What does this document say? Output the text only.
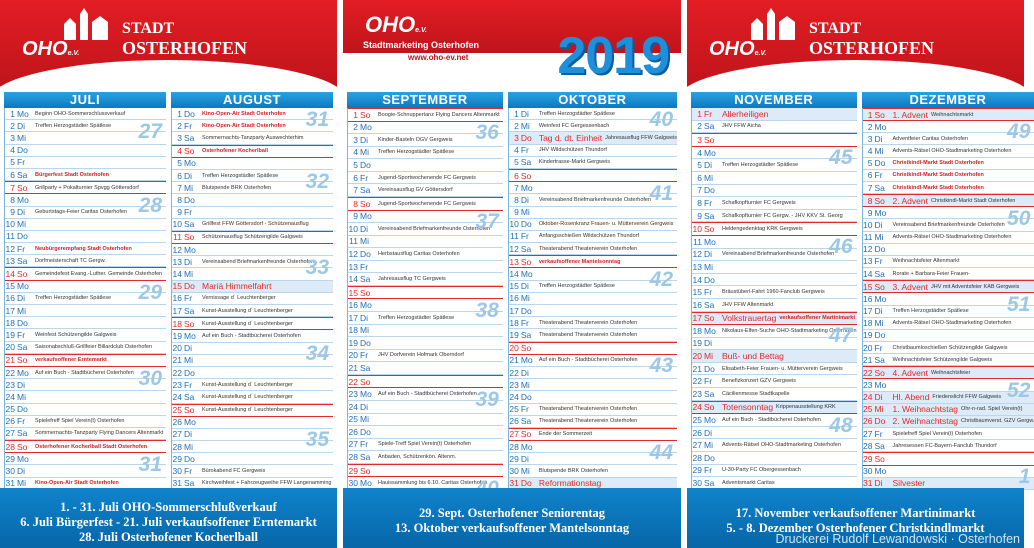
OHOe.V.
STADT
OSTERHOFEN
JULI
1 Mo	Beginn OHO-Sommerschlussverkauf
2 Di	Treffen Herzogstädter Spätlese
3 Mi
4 Do
5 Fr
6 Sa	Bürgerfest Stadt Osterhofen
7 So	Grillparty + Pokalturnier Spvgg Göttersdorf
8 Mo
9 Di	Geburtstags-Feier Caritas Osterhofen
10 Mi
11 Do
12 Fr	Neubürgerempfang Stadt Osterhofen
13 Sa	Dorfmeisterschaft TC Gergw.
14 So	Gemeindefest Evang.-Luther. Gemeinde Osterhofen
15 Mo
16 Di	Treffen Herzogstädter Spätlese
17 Mi
18 Do
19 Fr	Weinfest Schützengilde Galgweis
20 Sa	Saisonabschluß-Grillfeier Billardclub Osterhofen
21 So	verkaufsoffener Erntemarkt
22 Mo	Auf ein Buch - Stadtbücherei Osterhofen
23 Di
24 Mi
25 Do
26 Fr	Spielefreff Spiel Verein(t) Osterhofen
27 Sa	Sommernachts-Tanzparty Flying Dancers Altenmarkt
28 So	Osterhofener Kocherlball Stadt Osterhofen
29 Mo
30 Di
31 Mi	Kino-Open-Air Stadt Osterhofen
27
28
29
30
31
AUGUST
1 Do	Kino-Open-Air Stadt Osterhofen
2 Fr	Kino-Open-Air Stadt Osterhofen
3 Sa	Sommernachts-Tanzparty Auswechterhim
4 So	Osterhofener Kocherlball
5 Mo
6 Di	Treffen Herzogstädter Spätlese
7 Mi	Blutspende BRK Osterhofen
8 Do
9 Fr
10 Sa	Grillfest FFW Göttersdorf - Schützenausflug
11 So	Schützenausflug Schützengilde Galgweis
12 Mo
13 Di	Vereinsabend Briefmarkenfreunde Osterhofen
14 Mi
15 Do Mariä Himmelfahrt
16 Fr	Vernissage d´ Leuchtenberger
17 Sa	Kunst-Ausstellung d´ Leuchtenberger
18 So	Kunst-Ausstellung d´ Leuchtenberger
19 Mo	Auf ein Buch - Stadtbücherei Osterhofen
20 Di
21 Mi
22 Do
23 Fr	Kunst-Ausstellung d´ Leuchtenberger
24 Sa	Kunst-Ausstellung d´ Leuchtenberger
25 So	Kunst-Ausstellung d´ Leuchtenberger
26 Mo
27 Di
28 Mi
29 Do
30 Fr	Bürokabend FC Gergweis
31 Sa	Kirchweihfest + Fahrzeugweihe FFW Langenamming
31
32
33
34
35
1. - 31. Juli OHO-Sommerschlußverkauf
6. Juli Bürgerfest - 21. Juli verkaufsoffener Erntemarkt
28. Juli Osterhofener Kocherlball
OHOe.V.
Stadtmarketing Osterhofen
www.oho-ev.net 2019
SEPTEMBER
1 So	Boogie-Schnuppertanz Flying Dancers Altenmarkt
2 Mo
3 Di	Kinder-Basteln OGV Gergweis
4 Mi	Treffen Herzogstädter Spätlese
5 Do
6 Fr	Jugend-Sportwochenende FC Gergweis
7 Sa	Vereinsausflug GV Göttersdorf
8 So	Jugend-Sportwochenende FC Gergweis
9 Mo
10 Di	Vereinsabend Briefmarkenfreunde Osterhofen
11 Mi
12 Do	Herbstausflug Caritas Osterhofen
13 Fr
14 Sa	Jahresausflug TC Gergweis
15 So
16 Mo
17 Di	Treffen Herzogstädter Spätlese
18 Mi
19 Do
20 Fr	JHV Dorfverein Hofmark Oberndorf
21 Sa
22 So
23 Mo	Auf ein Buch - Stadtbücherei Osterhofen
24 Di
25 Mi
26 Do
27 Fr	Spiele-Treff Spiel Verein(t) Osterhofen
28 Sa	Anbaden, Schützenkön. Altenm.
29 So
30 Mo	Hauissammlung bis 6.10. Caritas Osterhofen
36
37
38
39
OKTOBER
1 Di	Treffen Herzogstädter Spätlese
2 Mi	Weinfest FC Gergessenbach
3 Do Tag d. dt. Einheit Jahresausflug FFW Galgweis
4 Fr	JHV Wildschützen Thundorf
5 Sa	Kindertrasse-Markt Gergweis
6 So
7 Mo
8 Di	Vereinsabend Briefmarkenfreunde Osterhofen
9 Mi
10 Do	Oktober-Rosenkranz Frauen- u. Mütterverein Gergweis
11 Fr	Anfangsschießen Wildschützen Thundorf
12 Sa	Theaterabend Theaterverein Osterhofen
13 So	verkaufsoffener Mantelsonntag
14 Mo
15 Di	Treffen Herzogstädter Spätlese
16 Mi
17 Do
18 Fr	Theaterabend Theaterverein Osterhofen
19 Sa	Theaterabend Theaterverein Osterhofen
20 So
21 Mo	Auf ein Buch - Stadtbücherei Osterhofen
22 Di
23 Mi
24 Do
25 Fr	Theaterabend Theaterverein Osterhofen
26 Sa	Theaterabend Theaterverein Osterhofen
27 So	Ende der Sommerzeit
28 Mo
29 Di
30 Mi	Blutspende BRK Osterhofen
31 Do Reformationstag
40
41
42
43
44
29. Sept. Osterhofener Seniorentag
13. Oktober verkaufsoffener Mantelsonntag
OHOe.V.
STADT
OSTERHOFEN
NOVEMBER
1 Fr	Allerheiligen
2 Sa	JHV FFW Aicha
3 So
4 Mo
5 Di	Treffen Herzogstädter Spätlese
6 Mi
7 Do
8 Fr	Schafkopfturnier FC Gergweis
9 Sa	Schafkopfturnier FC Gergw. - JHV KKV St. Georg
10 So	Heldengedenktag KRK Gergweis
11 Mo
12 Di	Vereinsabend Briefmarkenfreunde Osterhofen
13 Mi
14 Do
15 Fr	Bräustüberl-Fahrt 1960-Fanclub Gergweis
16 Sa	JHV FFW Altenmarkt
17 So Volkstrauertag verkaufsoffener Martinimarkt
18 Mo	Nikolaus-Elfen-Suche OHO-Stadtmarketing Osterhofen
19 Di
20 Mi	Buß- und Bettag
21 Do	Elisabeth-Feier Frauen- u. Mütterverein Gergweis
22 Fr	Benefizkonzert GZV Gergweis
23 Sa	Cäcilienmesse Stadtkapelle
24 So Totensonntag Krippenausstellung KRK
25 Mo	Auf ein Buch - Stadtbücherei Osterhofen
26 Di
27 Mi	Advents-Rätsel OHO-Stadtmarketing Osterhofen
28 Do
29 Fr	U-30-Party FC Obergessenbach
30 Sa	Adventsmarkt Caritas
45
46
47
48
DEZEMBER
1 So 1. Advent Weihnachtsmarkt
2 Mo
3 Di	Adventfeier Caritas Osterhofen
4 Mi	Advents-Rätsel OHO-Stadtmarketing Osterhofen
5 Do	Christkindl-Markt Stadt Osterhofen
6 Fr	Christkindl-Markt Stadt Osterhofen
7 Sa	Christkindl-Markt Stadt Osterhofen
8 So 2. Advent Christkindl-Markt Stadt Osterhofen
9 Mo
10 Di	Vereinsabend Briefmarkenfreunde Osterhofen
11 Mi	Advents-Rätsel OHO-Stadtmarketing Osterhofen
12 Do
13 Fr	Weihnachtsfeier Altenmarkt
14 Sa	Rorate + Barbara-Feier Frauen-
15 So 3. Advent JHV mit Adventsfeier KAB Gergweis
16 Mo
17 Di	Treffen Herzogstädter Spätlese
18 Mi	Advents-Rätsel OHO-Stadtmarketing Osterhofen
19 Do
20 Fr	Christbaumloschießen Schützengilde Galgweis
21 Sa	Weihnachtsfeier Schützengilde Galgweis
22 So 4. Advent Weihnachtsfeier
23 Mo
24 Di	Hl. Abend Friedenslicht FFW Galgweis
25 Mi	1. Weihnachtstag Ohr-n-rad. Spiel Verein(t)
26 Do 2. Weihnachtstag Christbaumverst. GZV Gergw.
27 Fr	Spielefreff Spiel Verein(t) Osterhofen
28 Sa	Jahresessen FC-Bayern-Fanclub Thundorf
29 So
30 Mo
31 Di	Silvester
49
50
51
52
1
17. November verkaufsoffener Martinimarkt
5. - 8. Dezember Osterhofener Christkindlmarkt
Druckerei Rudolf Lewandowski · Osterhofen
